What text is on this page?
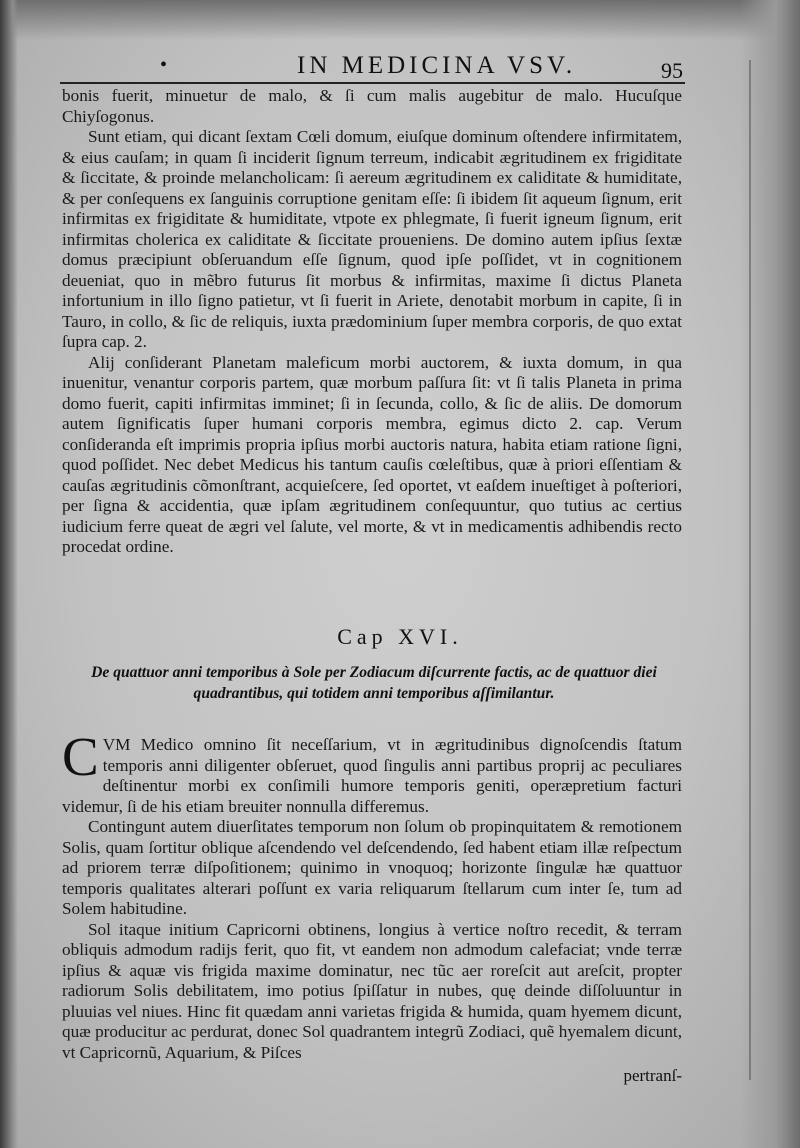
•	IN MEDICINA VSV.	95

bonis fuerit, minuetur de malo, & ſi cum malis augebitur de malo. Hucuſque Chiyſogonus.

Sunt etiam, qui dicant ſextam Cœli domum, eiuſque dominum oſtendere infirmitatem, & eius cauſam; in quam ſi inciderit ſignum terreum, indicabit ægritudinem ex frigiditate & ſiccitate, & proinde melancholicam: ſi aereum ægritudinem ex caliditate & humiditate, & per conſequens ex ſanguinis corruptione genitam eſſe: ſi ibidem ſit aqueum ſignum, erit infirmitas ex frigiditate & humiditate, vtpote ex phlegmate, ſi fuerit igneum ſignum, erit infirmitas cholerica ex caliditate & ſiccitate proueniens. De domino autem ipſius ſextæ domus præcipiunt obſeruandum eſſe ſignum, quod ipſe poſſidet, vt in cognitionem deueniat, quo in mẽbro futurus ſit morbus & infirmitas, maxime ſi dictus Planeta infortunium in illo ſigno patietur, vt ſi fuerit in Ariete, denotabit morbum in capite, ſi in Tauro, in collo, & ſic de reliquis, iuxta prædominium ſuper membra corporis, de quo extat ſupra cap. 2.

Alij conſiderant Planetam maleficum morbi auctorem, & iuxta domum, in qua inuenitur, venantur corporis partem, quæ morbum paſſura ſit: vt ſi talis Planeta in prima domo fuerit, capiti infirmitas imminet; ſi in ſecunda, collo, & ſic de aliis. De domorum autem ſignificatis ſuper humani corporis membra, egimus dicto 2. cap. Verum conſideranda eſt imprimis propria ipſius morbi auctoris natura, habita etiam ratione ſigni, quod poſſidet. Nec debet Medicus his tantum cauſis cœleſtibus, quæ à priori eſſentiam & cauſas ægritudinis cõmonſtrant, acquieſcere, ſed oportet, vt eaſdem inueſtiget à poſteriori, per ſigna & accidentia, quæ ipſam ægritudinem conſequuntur, quo tutius ac certius iudicium ferre queat de ægri vel ſalute, vel morte, & vt in medicamentis adhibendis recto procedat ordine.

Cap XVI.
De quattuor anni temporibus à Sole per Zodiacum diſcurrente factis, ac de quattuor diei quadrantibus, qui totidem anni temporibus aſſimilantur.

CVM Medico omnino ſit neceſſarium, vt in ægritudinibus dignoſcendis ſtatum temporis anni diligenter obſeruet, quod ſingulis anni partibus proprij ac peculiares deſtinentur morbi ex conſimili humore temporis geniti, operæpretium facturi videmur, ſi de his etiam breuiter nonnulla differemus.

Contingunt autem diuerſitates temporum non ſolum ob propinquitatem & remotionem Solis, quam ſortitur oblique aſcendendo vel deſcendendo, ſed habent etiam illæ reſpectum ad priorem terræ diſpoſitionem; quinimo in vnoquoq; horizonte ſingulæ hæ quattuor temporis qualitates alterari poſſunt ex varia reliquarum ſtellarum cum inter ſe, tum ad Solem habitudine.

Sol itaque initium Capricorni obtinens, longius à vertice noſtro recedit, & terram obliquis admodum radijs ferit, quo fit, vt eandem non admodum calefaciat; vnde terræ ipſius & aquæ vis frigida maxime dominatur, nec tũc aer roreſcit aut areſcit, propter radiorum Solis debilitatem, imo potius ſpiſſatur in nubes, quę deinde diſſoluuntur in pluuias vel niues. Hinc fit quædam anni varietas frigida & humida, quam hyemem dicunt, quæ producitur ac perdurat, donec Sol quadrantem integrũ Zodiaci, quẽ hyemalem dicunt, vt Capricornũ, Aquarium, & Piſces

pertranſ-
